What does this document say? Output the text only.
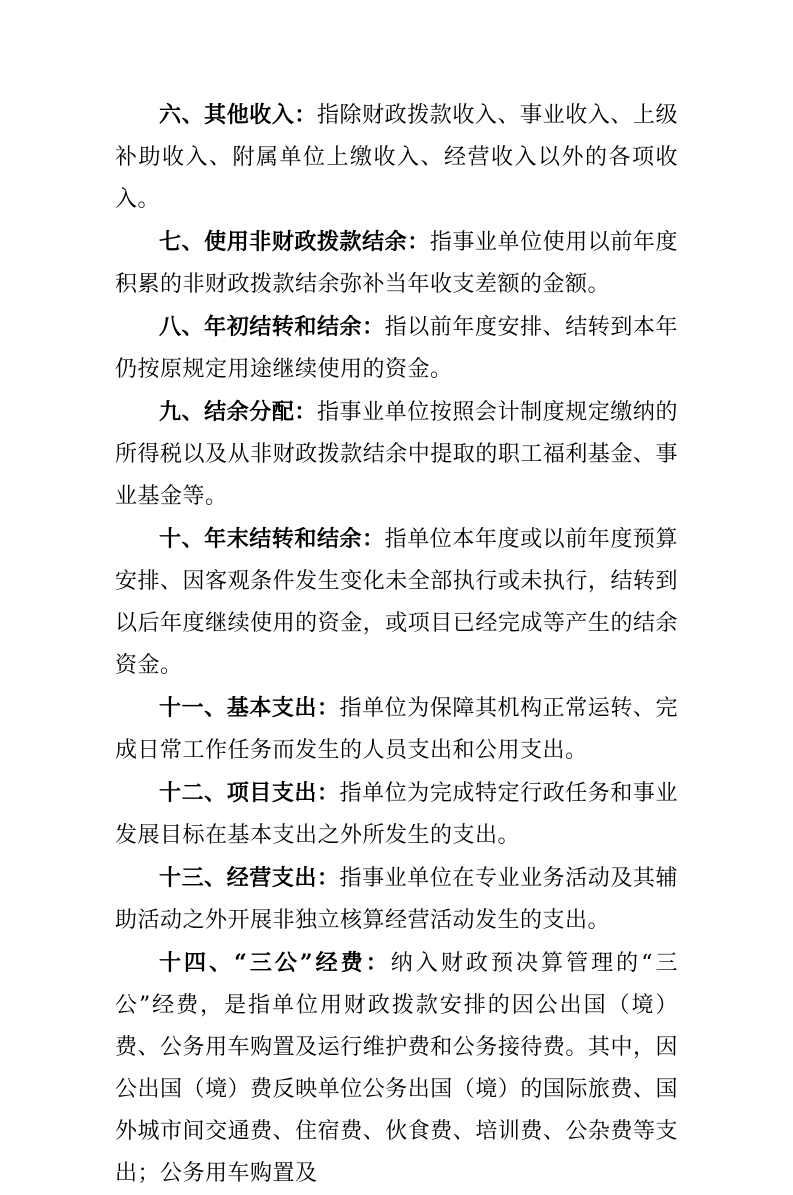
六、其他收入：指除财政拨款收入、事业收入、上级补助收入、附属单位上缴收入、经营收入以外的各项收入。

七、使用非财政拨款结余：指事业单位使用以前年度积累的非财政拨款结余弥补当年收支差额的金额。

八、年初结转和结余：指以前年度安排、结转到本年仍按原规定用途继续使用的资金。

九、结余分配：指事业单位按照会计制度规定缴纳的所得税以及从非财政拨款结余中提取的职工福利基金、事业基金等。

十、年末结转和结余：指单位本年度或以前年度预算安排、因客观条件发生变化未全部执行或未执行，结转到以后年度继续使用的资金，或项目已经完成等产生的结余资金。

十一、基本支出：指单位为保障其机构正常运转、完成日常工作任务而发生的人员支出和公用支出。

十二、项目支出：指单位为完成特定行政任务和事业发展目标在基本支出之外所发生的支出。

十三、经营支出：指事业单位在专业业务活动及其辅助活动之外开展非独立核算经营活动发生的支出。

十四、“三公”经费：纳入财政预决算管理的“三公”经费，是指单位用财政拨款安排的因公出国（境）费、公务用车购置及运行维护费和公务接待费。其中，因公出国（境）费反映单位公务出国（境）的国际旅费、国外城市间交通费、住宿费、伙食费、培训费、公杂费等支出；公务用车购置及
